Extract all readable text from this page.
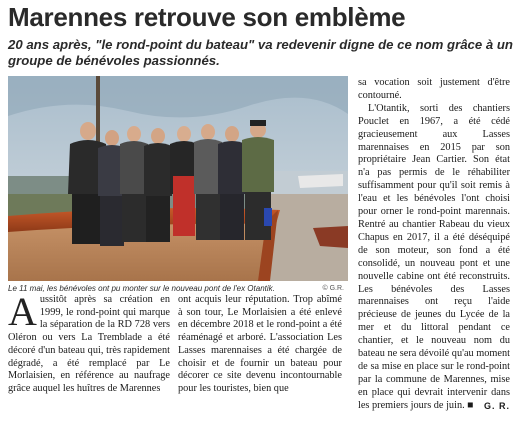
Marennes retrouve son emblème
20 ans après, "le rond-point du bateau" va redevenir digne de ce nom grâce à un groupe de bénévoles passionnés.
Le 11 mai, les bénévoles ont pu monter sur le nouveau pont de l'ex Otantik.	© G.R.
A ussitôt après sa création en 1999, le rond-point qui marque la séparation de la RD 728 vers Oléron ou vers La Tremblade a été décoré d'un bateau qui, très rapidement dégradé, a été remplacé par Le Morlaisien, en référence au naufrage grâce auquel les huîtres de Marennes

ont acquis leur réputation. Trop abîmé à son tour, Le Morlaisien a été enlevé en décembre 2018 et le rond-point a été réaménagé et arboré. L'association Les Lasses marennaises a été chargée de choisir et de fournir un bateau pour décorer ce site devenu incontournable pour les touristes, bien que

sa vocation soit justement d'être contourné.

L'Otantik, sorti des chantiers Pouclet en 1967, a été cédé gracieusement aux Lasses marennaises en 2015 par son propriétaire Jean Cartier. Son état n'a pas permis de le réhabiliter suffisamment pour qu'il soit remis à l'eau et les bénévoles l'ont choisi pour orner le rond-point marennais. Rentré au chantier Rabeau du vieux Chapus en 2017, il a été déséquipé de son moteur, son fond a été consolidé, un nouveau pont et une nouvelle cabine ont été reconstruits. Les bénévoles des Lasses marennaises ont reçu l'aide précieuse de jeunes du Lycée de la mer et du littoral pendant ce chantier, et le nouveau nom du bateau ne sera dévoilé qu'au moment de sa mise en place sur le rond-point par la commune de Marennes, mise en place qui devrait intervenir dans les premiers jours de juin. ■	G. R.
